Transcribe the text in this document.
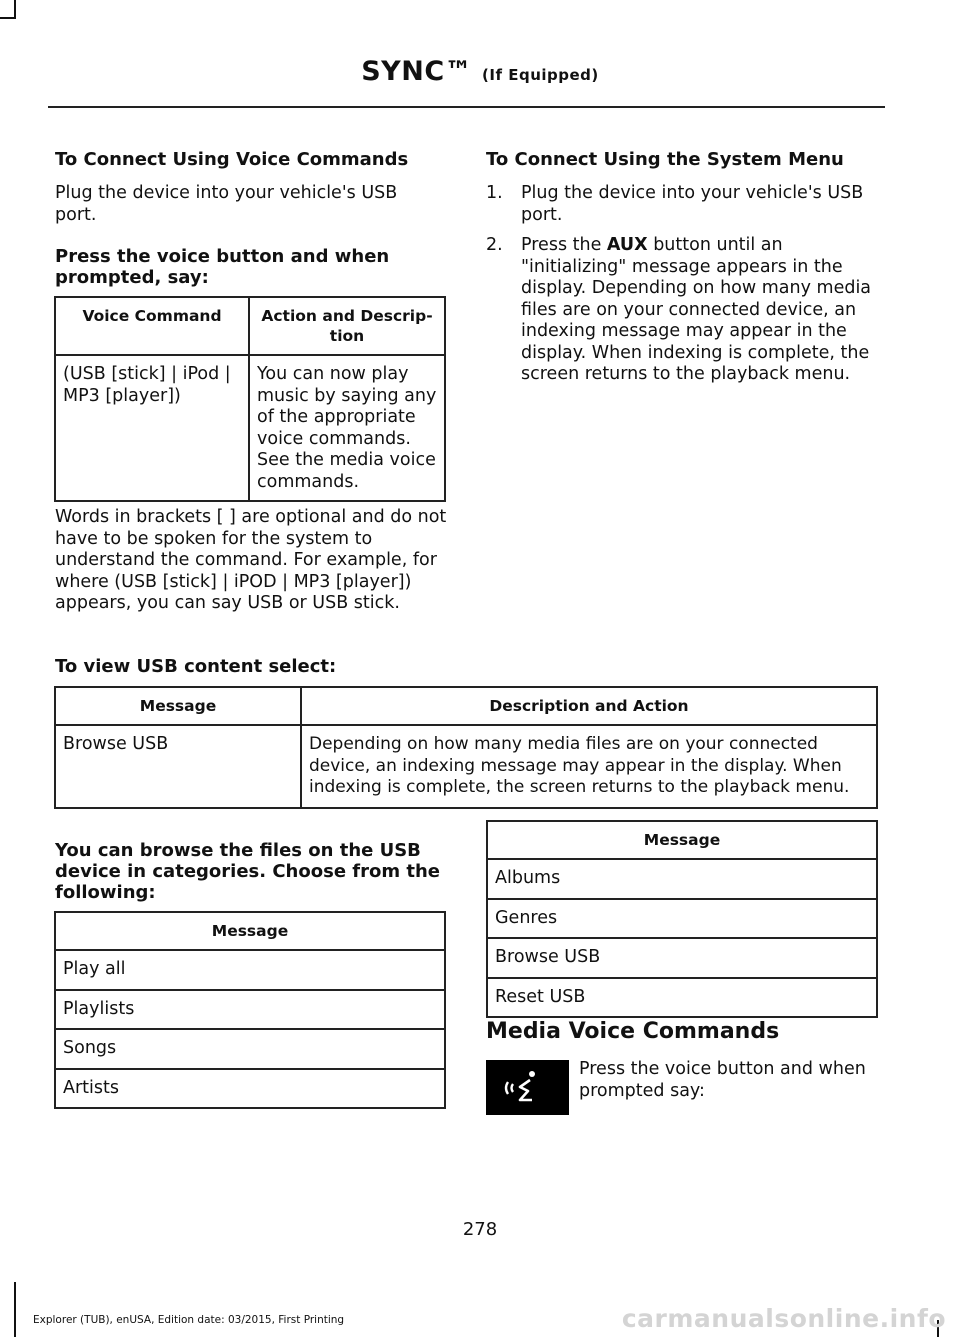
SYNC™ (If Equipped)
To Connect Using Voice Commands

Plug the device into your vehicle's USB port.

Press the voice button and when prompted, say:
Voice Command	Action and Descrip-tion
(USB [stick] | iPod | MP3 [player])	You can now play music by saying any of the appropriate voice commands. See the media voice commands.

Words in brackets [ ] are optional and do not have to be spoken for the system to understand the command. For example, for where (USB [stick] | iPOD | MP3 [player]) appears, you can say USB or USB stick.

To Connect Using the System Menu
1. Plug the device into your vehicle's USB port.
2. Press the AUX button until an "initializing" message appears in the display. Depending on how many media files are on your connected device, an indexing message may appear in the display. When indexing is complete, the screen returns to the playback menu.
To view USB content select:
Message	Description and Action
Browse USB	Depending on how many media files are on your connected device, an indexing message may appear in the display. When indexing is complete, the screen returns to the playback menu.
You can browse the files on the USB device in categories. Choose from the following:
Message
Play all
Playlists
Songs
Artists
Message
Albums
Genres
Browse USB
Reset USB
Media Voice Commands

Press the voice button and when prompted say:

278
Explorer (TUB), enUSA, Edition date: 03/2015, First Printing	carmanualsonline.info
